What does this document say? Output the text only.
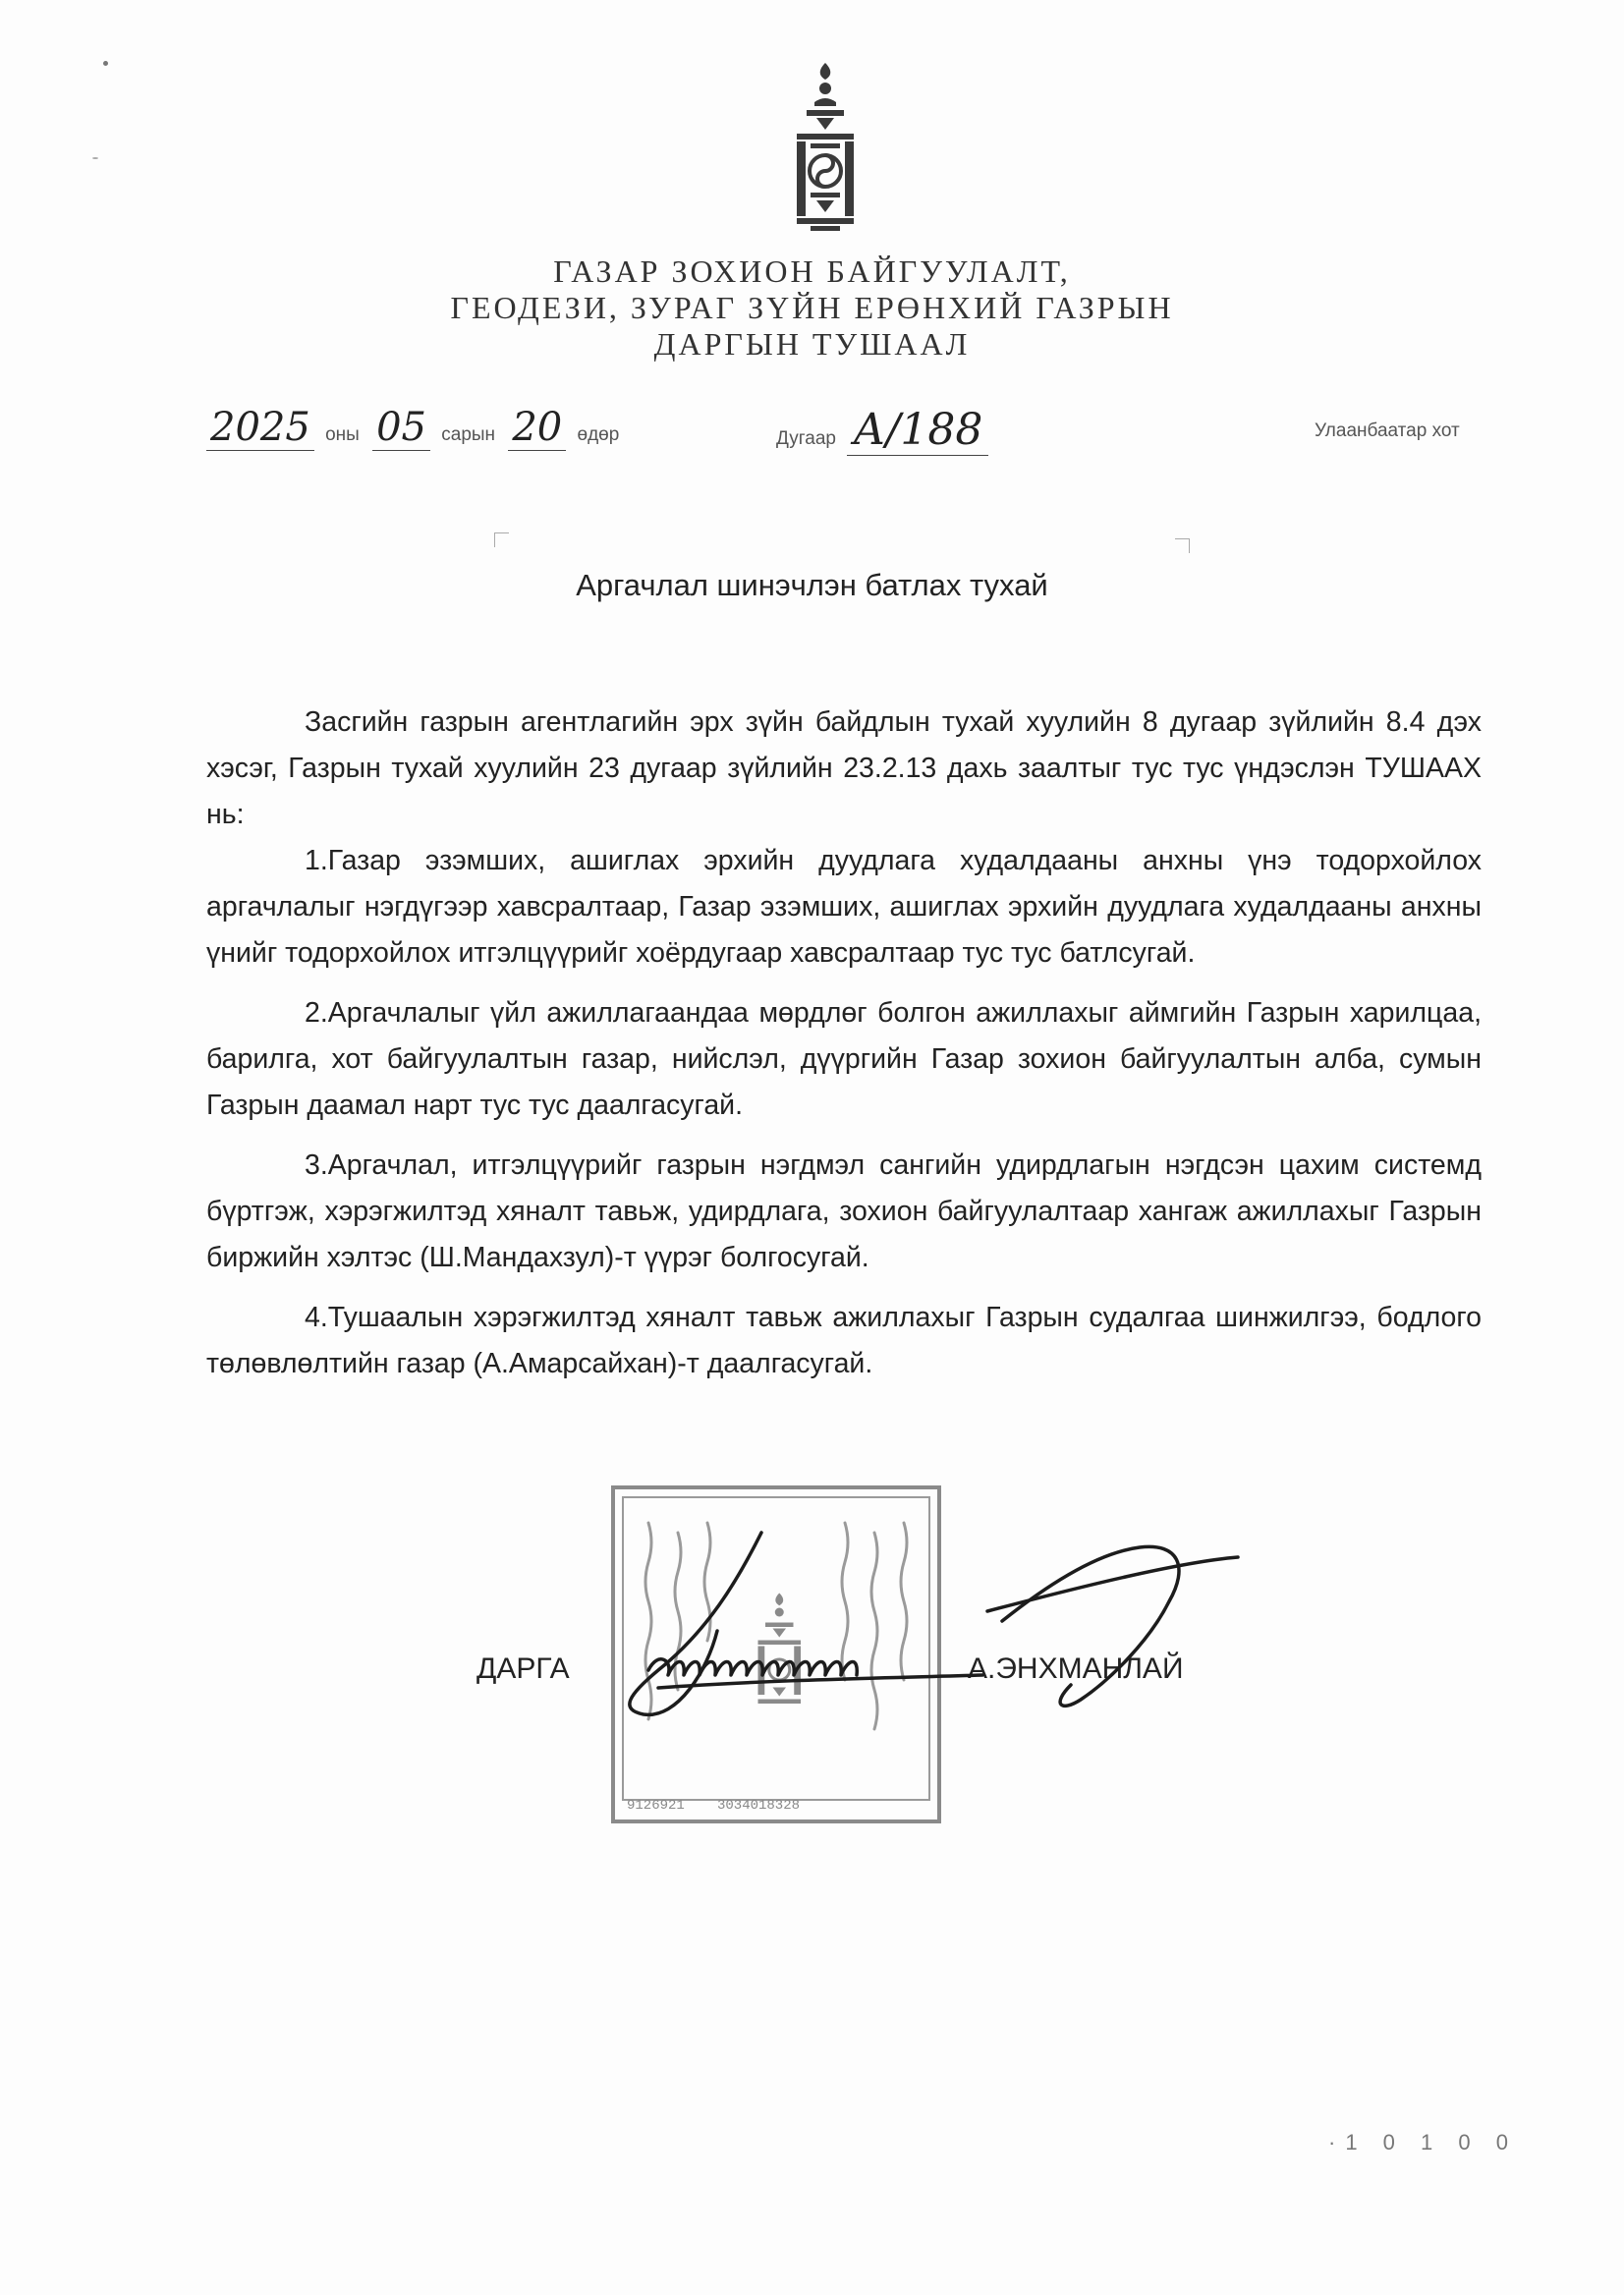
ГАЗАР ЗОХИОН БАЙГУУЛАЛТ,
ГЕОДЕЗИ, ЗУРАГ ЗҮЙН ЕРӨНХИЙ ГАЗРЫН
ДАРГЫН ТУШААЛ
2025 оны 05 сарын 20 өдөр	Дугаар А/188	Улаанбаатар хот
Аргачлал шинэчлэн батлах тухай

Засгийн газрын агентлагийн эрх зүйн байдлын тухай хуулийн 8 дугаар зүйлийн 8.4 дэх хэсэг, Газрын тухай хуулийн 23 дугаар зүйлийн 23.2.13 дахь заалтыг тус тус үндэслэн ТУШААХ нь:

1.Газар эзэмших, ашиглах эрхийн дуудлага худалдааны анхны үнэ тодорхойлох аргачлалыг нэгдүгээр хавсралтаар, Газар эзэмших, ашиглах эрхийн дуудлага худалдааны анхны үнийг тодорхойлох итгэлцүүрийг хоёрдугаар хавсралтаар тус тус батлсугай.

2.Аргачлалыг үйл ажиллагаандаа мөрдлөг болгон ажиллахыг аймгийн Газрын харилцаа, барилга, хот байгуулалтын газар, нийслэл, дүүргийн Газар зохион байгуулалтын алба, сумын Газрын даамал нарт тус тус даалгасугай.

3.Аргачлал, итгэлцүүрийг газрын нэгдмэл сангийн удирдлагын нэгдсэн цахим системд бүртгэж, хэрэгжилтэд хяналт тавьж, удирдлага, зохион байгуулалтаар хангаж ажиллахыг Газрын биржийн хэлтэс (Ш.Мандахзул)-т үүрэг болгосугай.

4.Тушаалын хэрэгжилтэд хяналт тавьж ажиллахыг Газрын судалгаа шинжилгээ, бодлого төлөвлөлтийн газар (А.Амарсайхан)-т даалгасугай.

9126921 3034018328
ДАРГА	А.ЭНХМАНЛАЙ
·1 0 1 0 0
